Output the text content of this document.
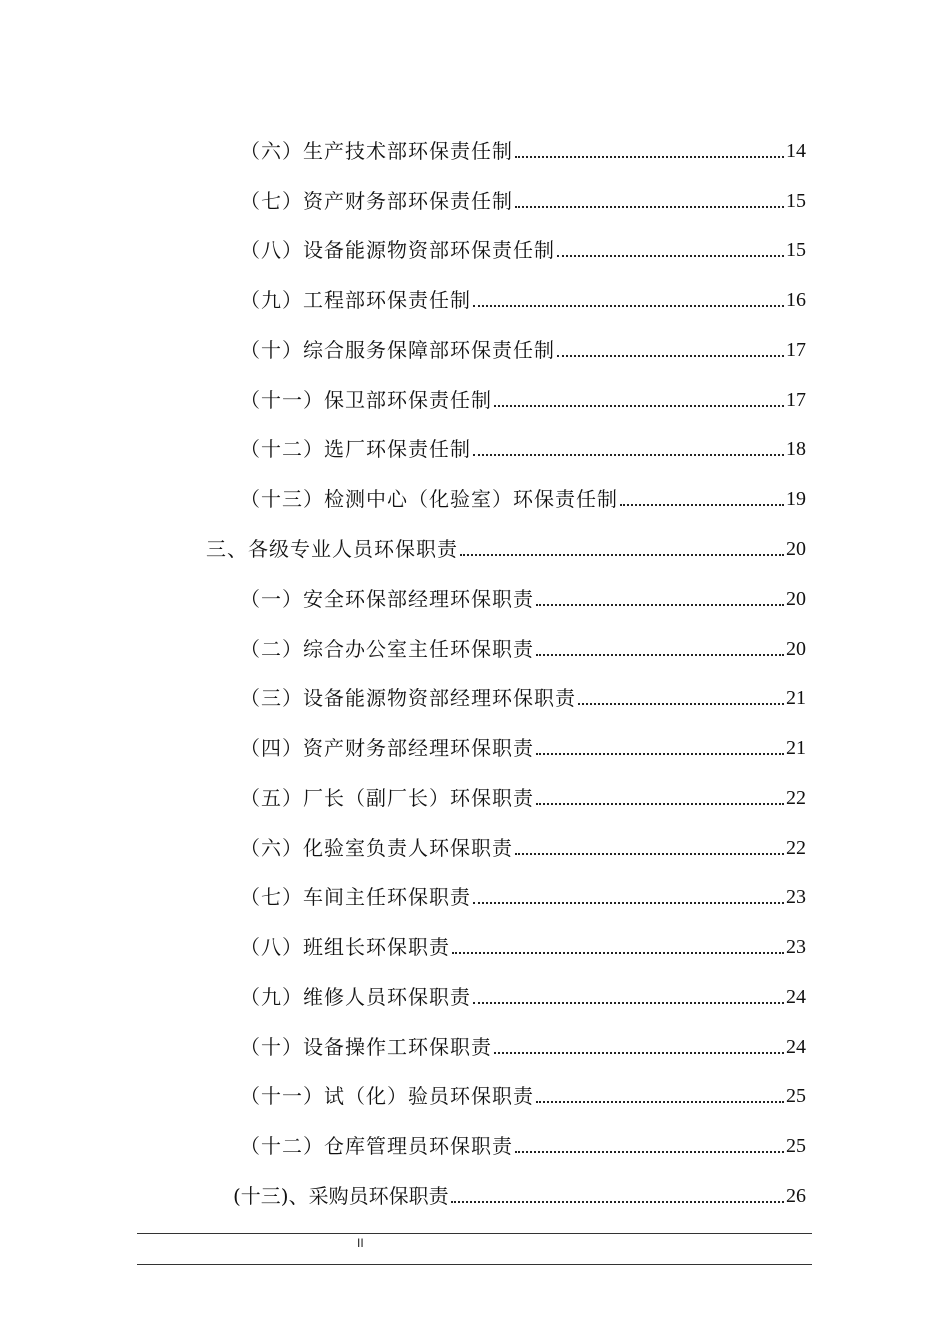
（六）生产技术部环保责任制	14
（七）资产财务部环保责任制	15
（八）设备能源物资部环保责任制	15
（九）工程部环保责任制	16
（十）综合服务保障部环保责任制	17
（十一）保卫部环保责任制	17
（十二）选厂环保责任制	18
（十三）检测中心（化验室）环保责任制	19
三、各级专业人员环保职责	20
（一）安全环保部经理环保职责	20
（二）综合办公室主任环保职责	20
（三）设备能源物资部经理环保职责	21
（四）资产财务部经理环保职责	21
（五）厂长（副厂长）环保职责	22
（六）化验室负责人环保职责	22
（七）车间主任环保职责	23
（八）班组长环保职责	23
（九）维修人员环保职责	24
（十）设备操作工环保职责	24
（十一）试（化）验员环保职责	25
（十二）仓库管理员环保职责	25
(十三)、采购员环保职责	26
II
